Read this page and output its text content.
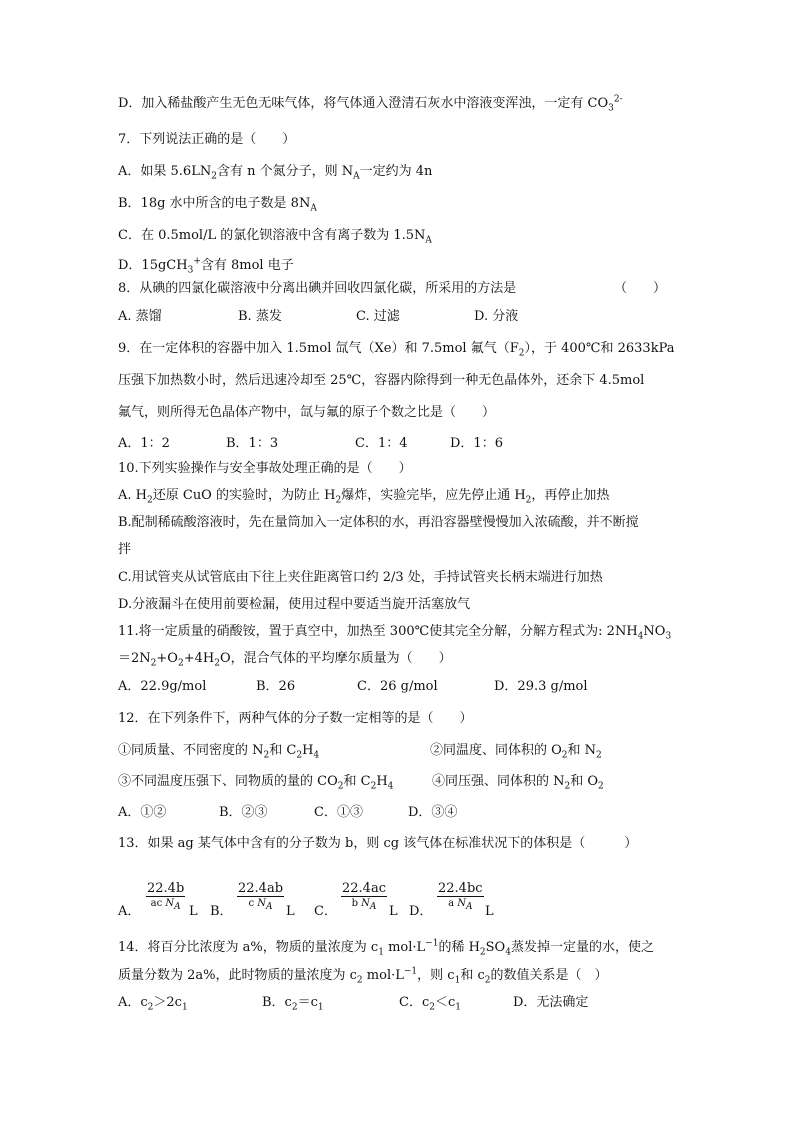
D．加入稀盐酸产生无色无味气体，将气体通入澄清石灰水中溶液变浑浊，一定有 $CO_3^{2-}$
7．下列说法正确的是（　　）
A．如果 $5.6LN_2$含有 n 个氮分子，则 $N_A$一定约为 4n
B．18g 水中所含的电子数是 $8N_A$
C．在 0.5mol/L 的氯化钡溶液中含有离子数为 $1.5N_A$
D．15gCH$_3$+含有 8mol 电子
8．从碘的四氯化碳溶液中分离出碘并回收四氯化碳，所采用的方法是	（　　）
A. 蒸馏	B. 蒸发	C. 过滤	D. 分液
9．在一定体积的容器中加入 1.5mol 氙气（Xe）和 7.5mol 氟气$(F_2)$，于 400℃和 2633kPa
压强下加热数小时，然后迅速冷却至 25℃，容器内除得到一种无色晶体外，还余下 4.5mol
氟气，则所得无色晶体产物中，氙与氟的原子个数之比是（　　）
A．1：2	B．1：3	C．1：4	D．1：6
10.下列实验操作与安全事故处理正确的是（　　）
A. $H_2$还原 CuO 的实验时，为防止 $H_2$爆炸，实验完毕，应先停止通 $H_2$，再停止加热
B.配制稀硫酸溶液时，先在量筒加入一定体积的水，再沿容器壁慢慢加入浓硫酸，并不断搅
拌
C.用试管夹从试管底由下往上夹住距离管口约 2/3 处，手持试管夹长柄末端进行加热
D.分液漏斗在使用前要检漏，使用过程中要适当旋开活塞放气
11.将一定质量的硝酸铵，置于真空中，加热至 300℃使其完全分解，分解方程式为: $2NH_4NO_3$
$=2N_2+O_2+4H_2O$，混合气体的平均摩尔质量为（　　）
A．22.9g/mol	B．26	C．26 g/mol	D．29.3 g/mol
12．在下列条件下，两种气体的分子数一定相等的是（　　）
①同质量、不同密度的 $N_2$和 $C_2H_4$	②同温度、同体积的 $O_2$和 $N_2$
③不同温度压强下、同物质的量的 $CO_2$和 $C_2H_4$	④同压强、同体积的 $N_2$和 $O_2$
A．①②	B．②③	C．①③	D．③④
13．如果 ag 某气体中含有的分子数为 b，则 cg 该气体在标准状况下的体积是（　　　）
A．
22.4b
ac $N_A$ L B．
22.4ab
c $N_A$	L C．
22.4ac
b $N_A$ L D．
22.4bc
a $N_A$ L
14．将百分比浓度为 a%，物质的量浓度为 $c_1$ $mol\cdot L^{-1}$的稀 $H_2SO_4$蒸发掉一定量的水，使之
质量分数为 2a%，此时物质的量浓度为 $c_2$ $mol\cdot L^{-1}$，则 $c_1$和 $c_2$的数值关系是（　）
A．$c_2>2c_1$	B．$c_2=c_1$	C．$c_2<c_1$	D．无法确定
